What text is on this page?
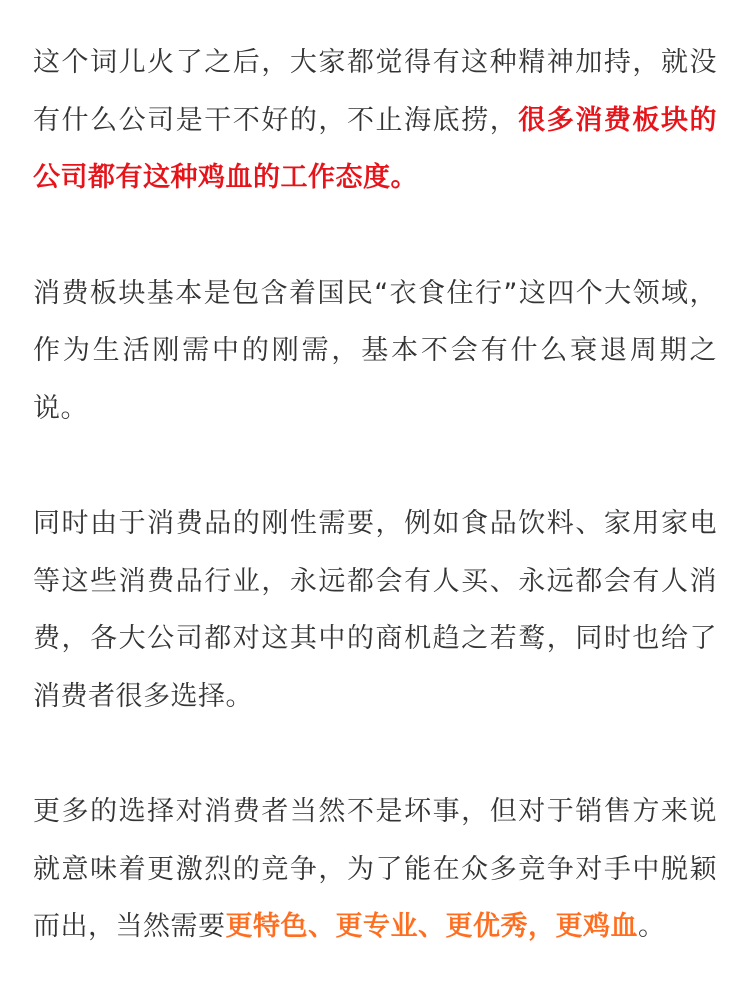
这个词儿火了之后，大家都觉得有这种精神加持，就没有什么公司是干不好的，不止海底捞，很多消费板块的公司都有这种鸡血的工作态度。

消费板块基本是包含着国民“衣食住行”这四个大领域，作为生活刚需中的刚需，基本不会有什么衰退周期之说。

同时由于消费品的刚性需要，例如食品饮料、家用家电等这些消费品行业，永远都会有人买、永远都会有人消费，各大公司都对这其中的商机趋之若鹜，同时也给了消费者很多选择。

更多的选择对消费者当然不是坏事，但对于销售方来说就意味着更激烈的竞争，为了能在众多竞争对手中脱颖而出，当然需要更特色、更专业、更优秀，更鸡血。
